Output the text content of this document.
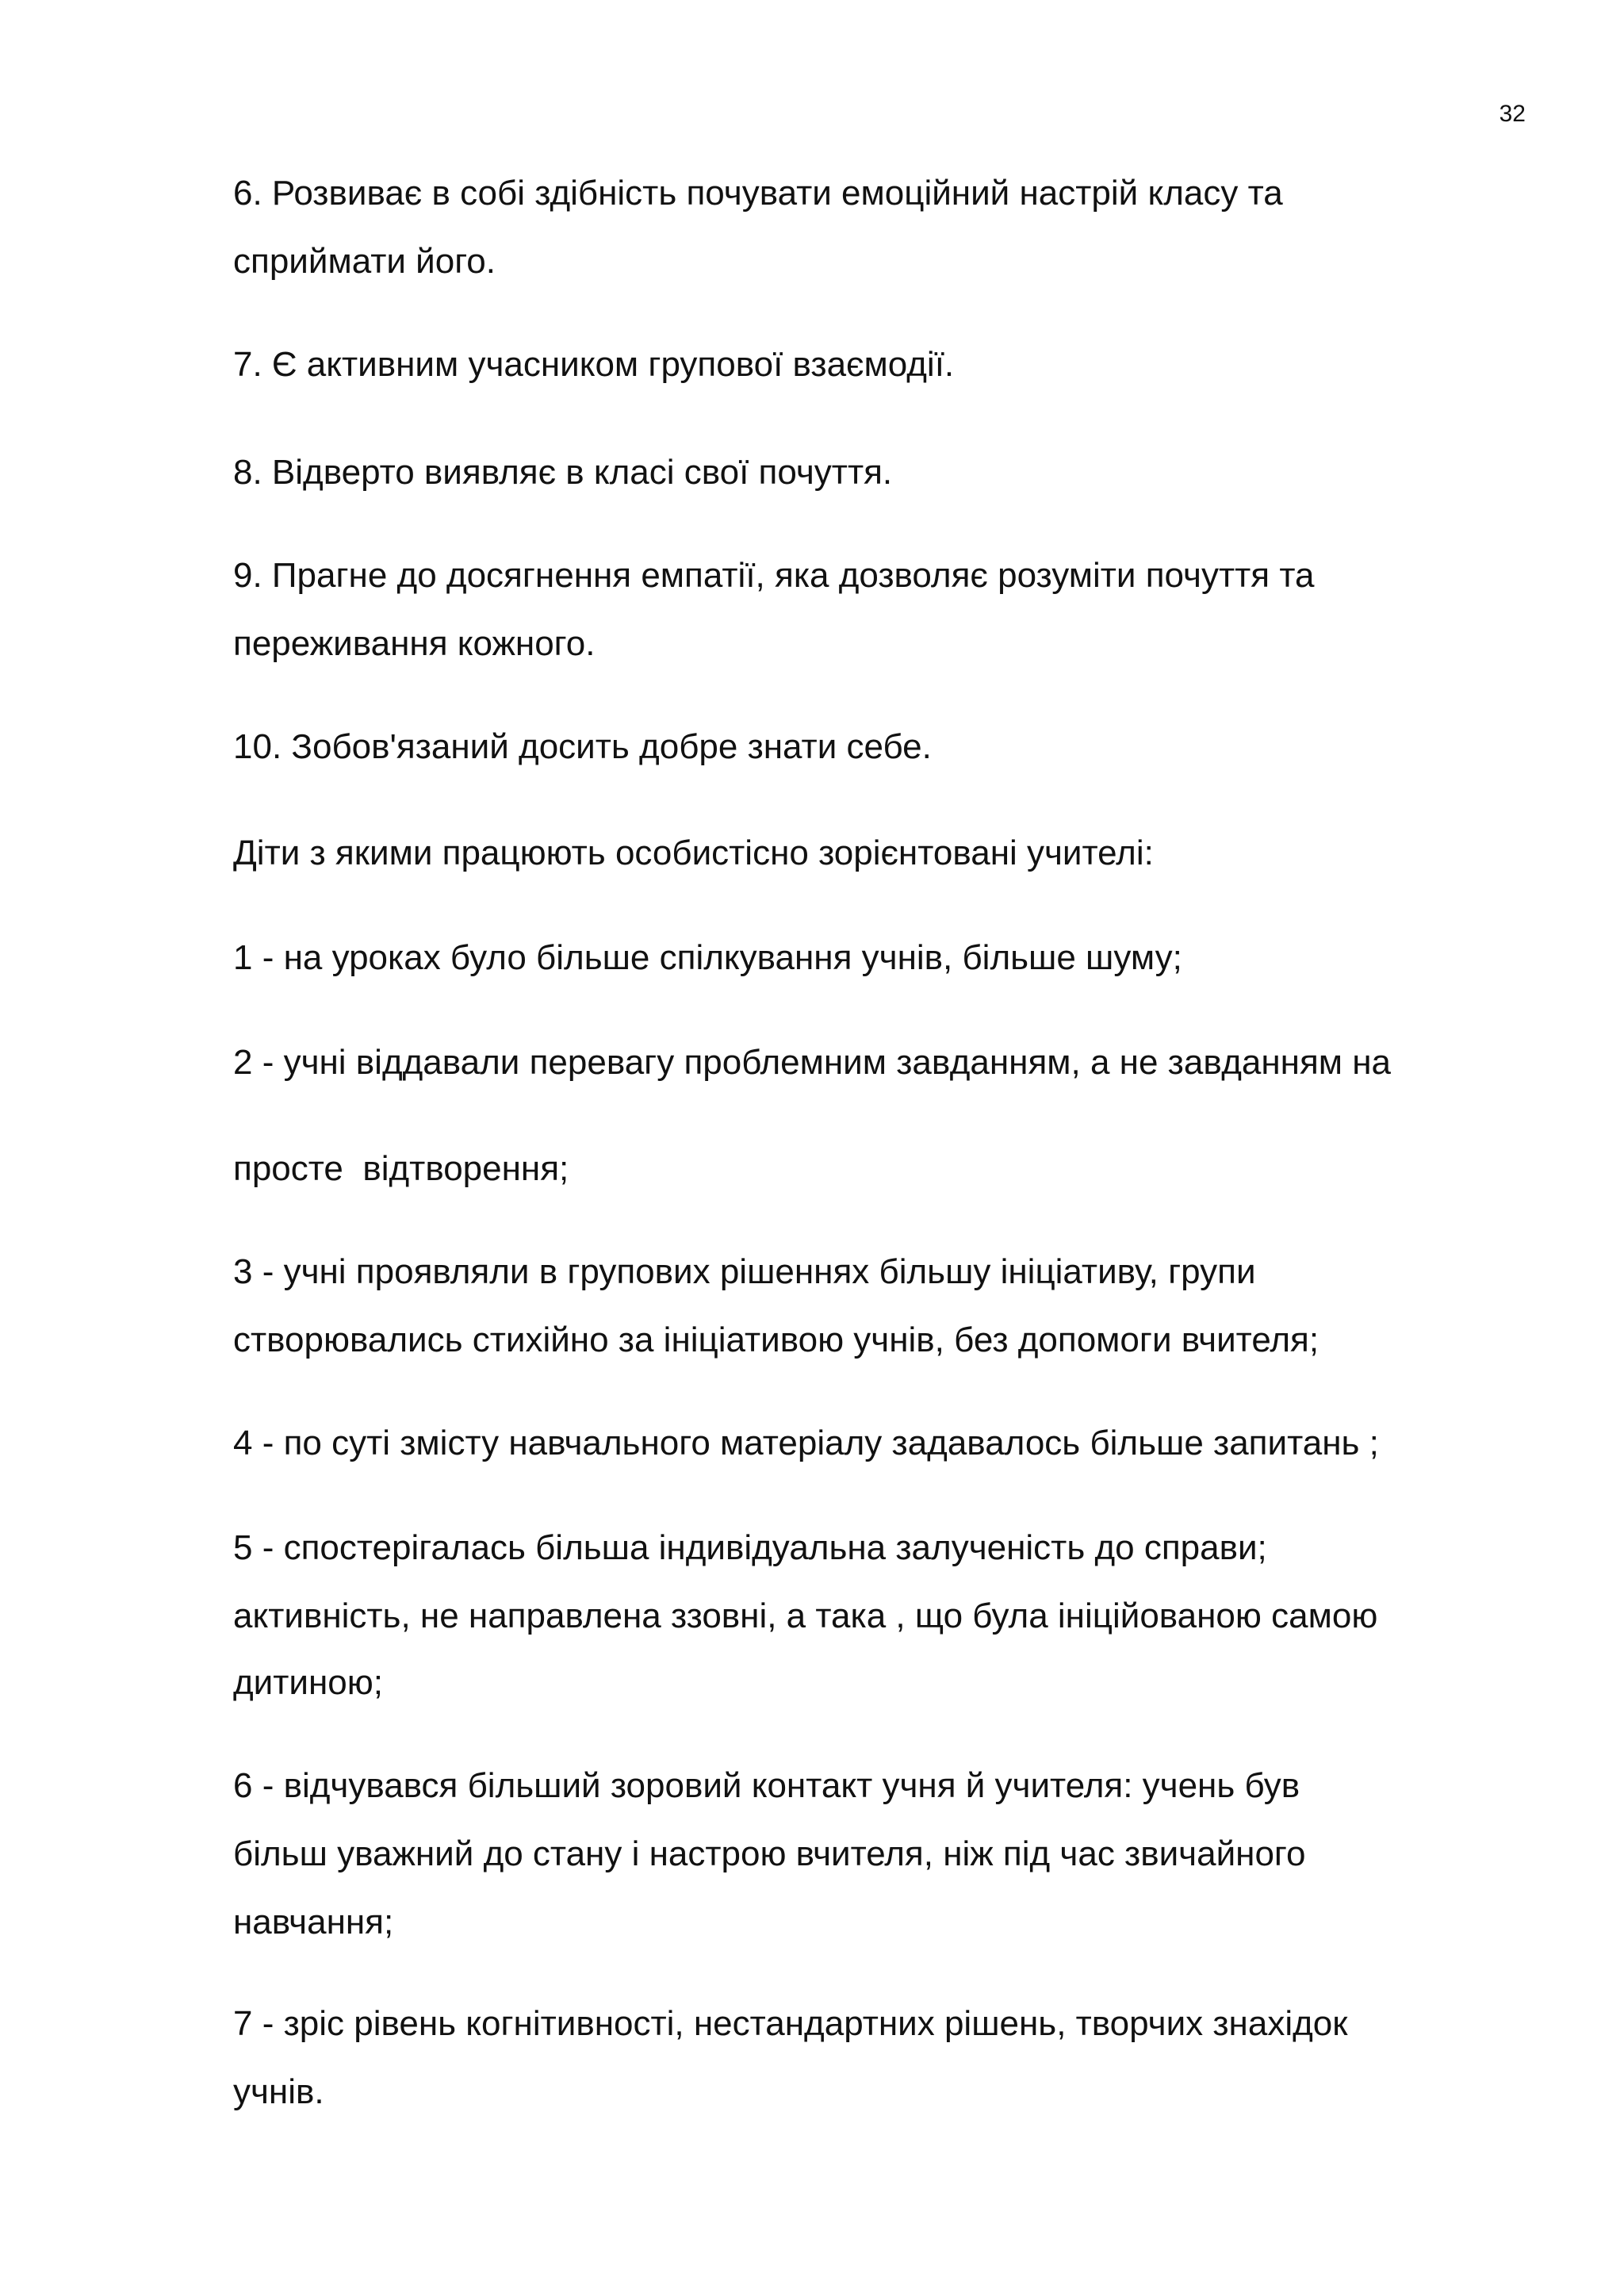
32
6. Розвиває в собі здібність почувати емоційний настрій класу та
сприймати його.
7. Є активним учасником групової взаємодії.
8. Відверто виявляє в класі свої почуття.
9. Прагне до досягнення емпатії, яка дозволяє розуміти почуття та
переживання кожного.
10. Зобов'язаний досить добре знати себе.
Діти з якими працюють особистісно зорієнтовані учителі:
1 - на уроках було більше спілкування учнів, більше шуму;
2 - учні віддавали перевагу проблемним завданням, а не завданням на
просте  відтворення;
3 - учні проявляли в групових рішеннях більшу ініціативу, групи
створювались стихійно за ініціативою учнів, без допомоги вчителя;
4 - по суті змісту навчального матеріалу задавалось більше запитань ;
5 - спостерігалась більша індивідуальна залученість до справи;
активність, не направлена ззовні, а така , що була ініційованою самою
дитиною;
6 - відчувався більший зоровий контакт учня й учителя: учень був
більш уважний до стану і настрою вчителя, ніж під час звичайного
навчання;
7 - зріс рівень когнітивності, нестандартних рішень, творчих знахідок
учнів.
